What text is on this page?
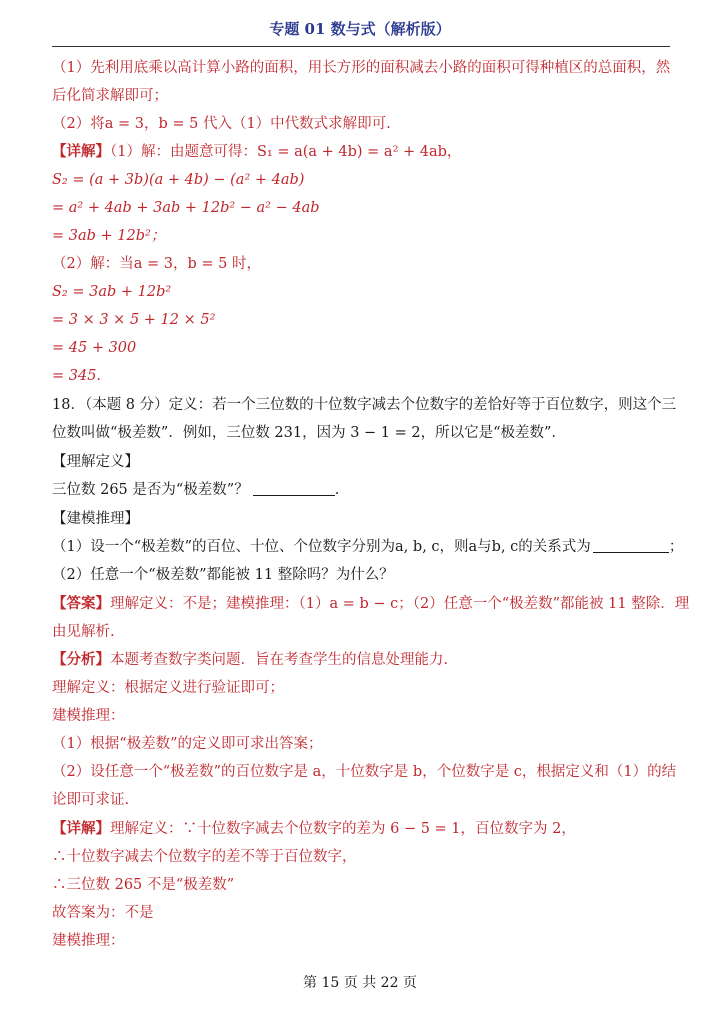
专题 01 数与式（解析版）
（1）先利用底乘以高计算小路的面积，用长方形的面积减去小路的面积可得种植区的总面积，然
后化简求解即可；
（2）将a = 3，b = 5 代入（1）中代数式求解即可.
【详解】（1）解：由题意可得：S₁ = a(a + 4b) = a² + 4ab，
S₂ = (a + 3b)(a + 4b) − (a² + 4ab)
= a² + 4ab + 3ab + 12b² − a² − 4ab
= 3ab + 12b²；
（2）解：当a = 3，b = 5 时，
S₂ = 3ab + 12b²
= 3 × 3 × 5 + 12 × 5²
= 45 + 300
= 345.
18．（本题 8 分）定义：若一个三位数的十位数字减去个位数字的差恰好等于百位数字，则这个三
位数叫做“极差数”．例如，三位数 231，因为 3 − 1 = 2，所以它是“极差数”．
【理解定义】
三位数 265 是否为“极差数”？	.
【建模推理】
（1）设一个“极差数”的百位、十位、个位数字分别为a, b, c，则a与b, c的关系式为	；
（2）任意一个“极差数”都能被 11 整除吗？为什么？
【答案】理解定义：不是；建模推理：（1）a = b − c；（2）任意一个“极差数”都能被 11 整除．理
由见解析.
【分析】本题考查数字类问题．旨在考查学生的信息处理能力.
理解定义：根据定义进行验证即可；
建模推理：
（1）根据“极差数”的定义即可求出答案；
（2）设任意一个“极差数”的百位数字是 a，十位数字是 b，个位数字是 c，根据定义和（1）的结
论即可求证.
【详解】理解定义：∵十位数字减去个位数字的差为 6 − 5 = 1，百位数字为 2，
∴十位数字减去个位数字的差不等于百位数字，
∴三位数 265 不是“极差数”
故答案为：不是
建模推理：
第 15 页 共 22 页
